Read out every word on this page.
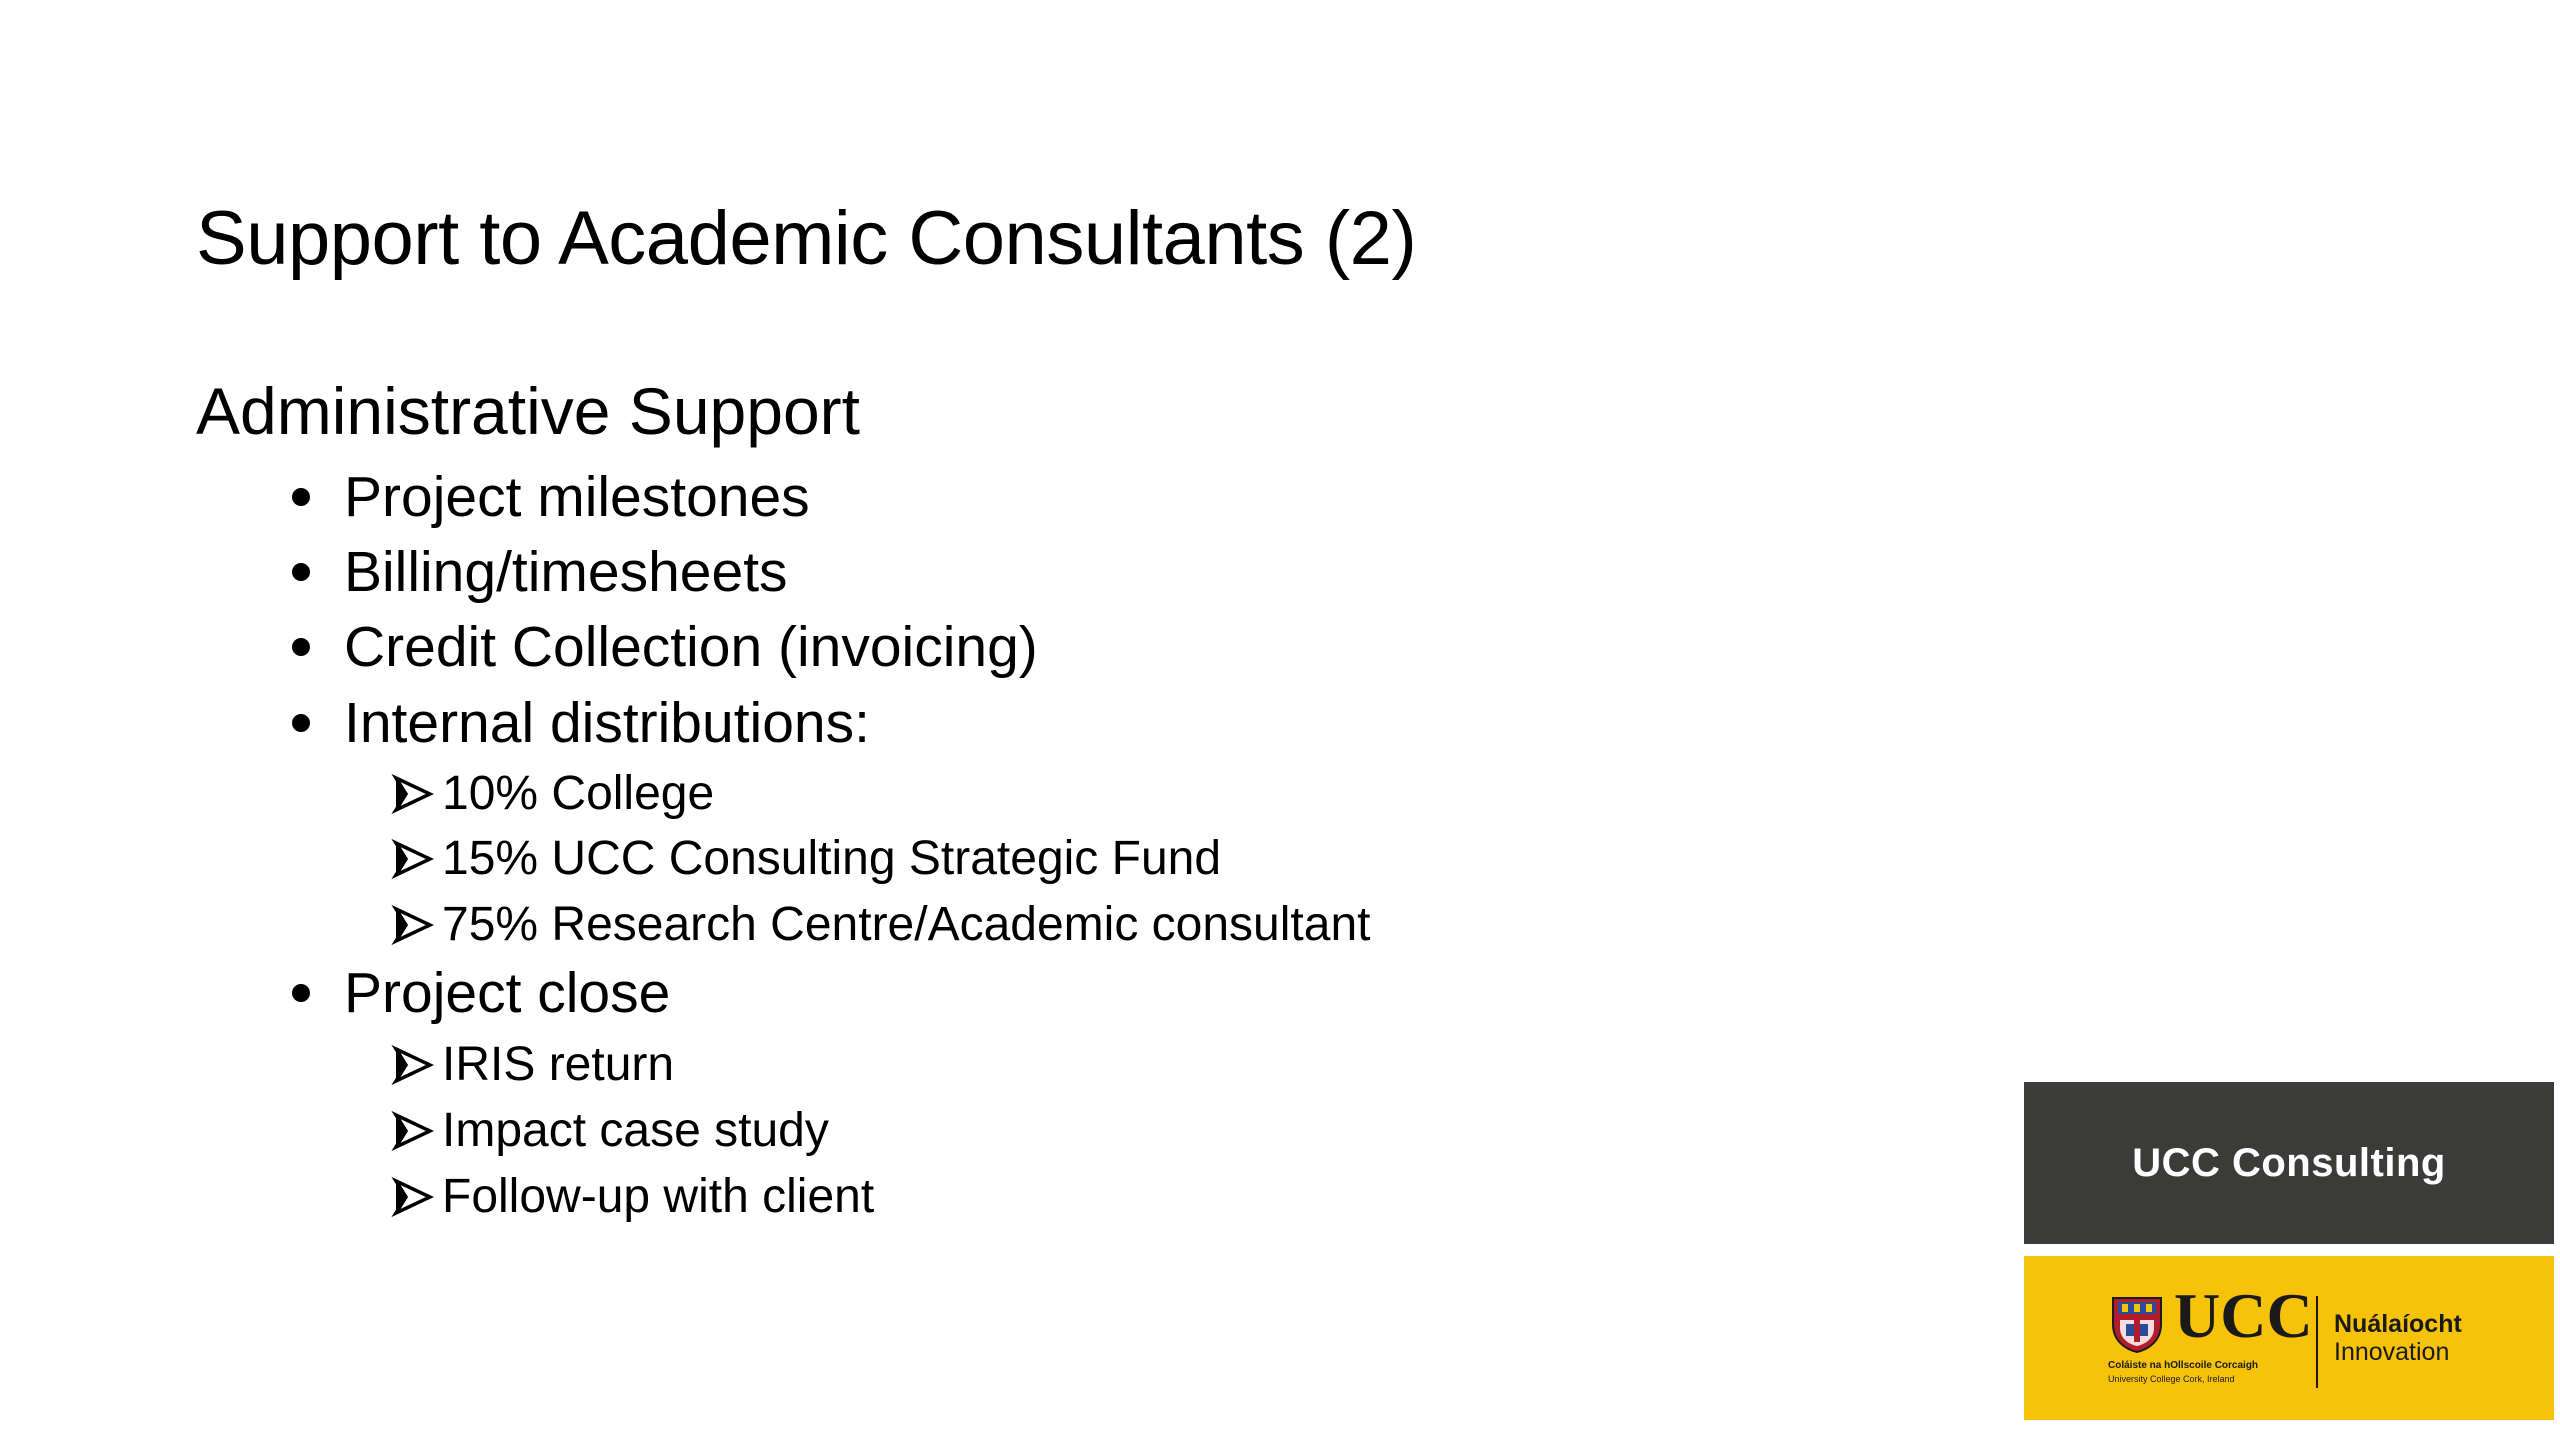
Support to Academic Consultants (2)
Administrative Support
Project milestones
Billing/timesheets
Credit Collection (invoicing)
Internal distributions:
10% College
15% UCC Consulting Strategic Fund
75% Research Centre/Academic consultant
Project close
IRIS return
Impact case study
Follow-up with client
UCC Consulting
UCC
Coláiste na hOllscoile Corcaigh
University College Cork, Ireland
Nuálaíocht
Innovation
